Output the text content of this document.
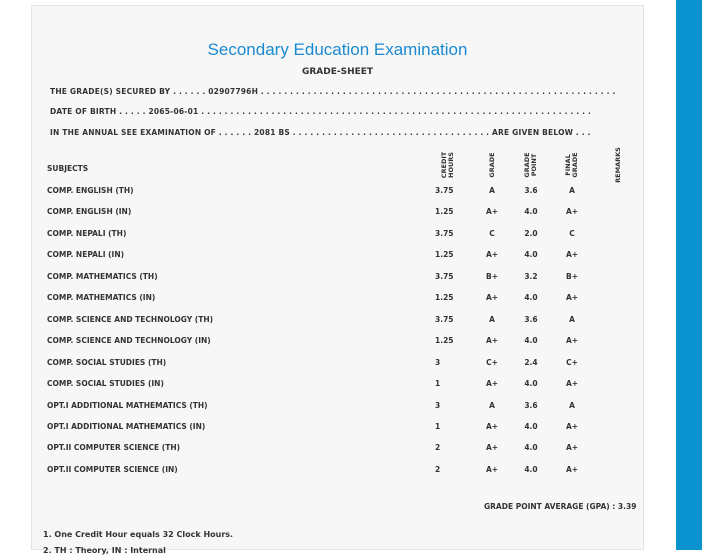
Secondary Education Examination
GRADE-SHEET
THE GRADE(S) SECURED BY . . . . . . 02907796H . . . . . . . . . . . . . . . . . . . . . . . . . . . . . . . . . . . . . . . . . . . . . . . . . . . . . . . . . . . . .
DATE OF BIRTH . . . . . 2065-06-01 . . . . . . . . . . . . . . . . . . . . . . . . . . . . . . . . . . . . . . . . . . . . . . . . . . . . . . . . . . . . . . . . . . .
IN THE ANNUAL SEE EXAMINATION OF . . . . . . 2081 BS . . . . . . . . . . . . . . . . . . . . . . . . . . . . . . . . . . ARE GIVEN BELOW . . .
SUBJECTS	CREDIT HOURS	GRADE	GRADE POINT	FINAL GRADE	REMARKS
COMP. ENGLISH (TH)	3.75	A	3.6	A
COMP. ENGLISH (IN)	1.25	A+	4.0	A+
COMP. NEPALI (TH)	3.75	C	2.0	C
COMP. NEPALI (IN)	1.25	A+	4.0	A+
COMP. MATHEMATICS (TH)	3.75	B+	3.2	B+
COMP. MATHEMATICS (IN)	1.25	A+	4.0	A+
COMP. SCIENCE AND TECHNOLOGY (TH)	3.75	A	3.6	A
COMP. SCIENCE AND TECHNOLOGY (IN)	1.25	A+	4.0	A+
COMP. SOCIAL STUDIES (TH)	3	C+	2.4	C+
COMP. SOCIAL STUDIES (IN)	1	A+	4.0	A+
OPT.I ADDITIONAL MATHEMATICS (TH)	3	A	3.6	A
OPT.I ADDITIONAL MATHEMATICS (IN)	1	A+	4.0	A+
OPT.II COMPUTER SCIENCE (TH)	2	A+	4.0	A+
OPT.II COMPUTER SCIENCE (IN)	2	A+	4.0	A+
GRADE POINT AVERAGE (GPA) : 3.39
1. One Credit Hour equals 32 Clock Hours.
2. TH : Theory, IN : Internal
